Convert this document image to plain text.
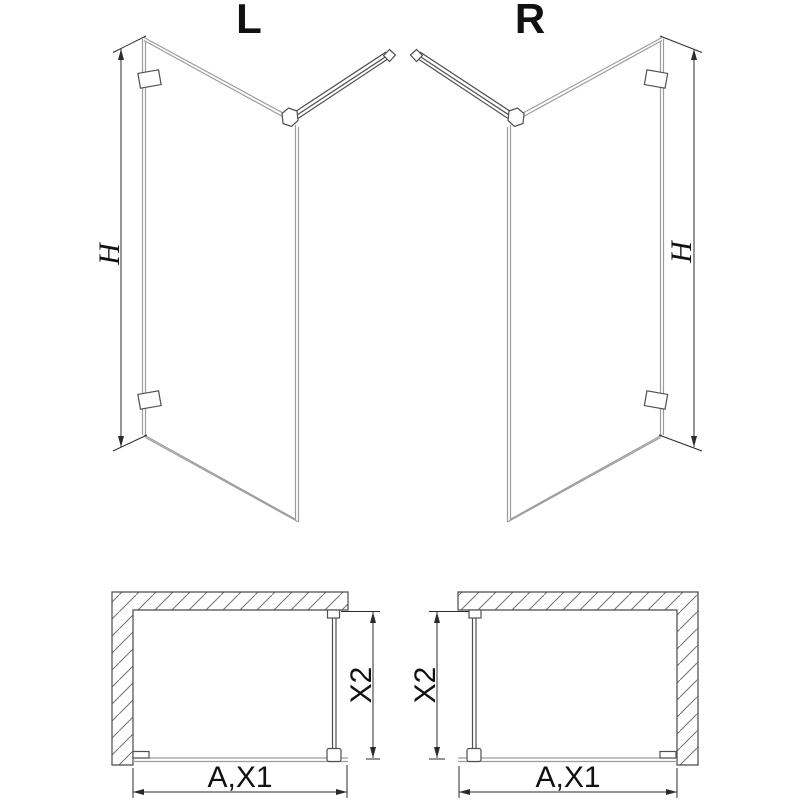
L
H
R
H
X2
A,X1
X2
A,X1
